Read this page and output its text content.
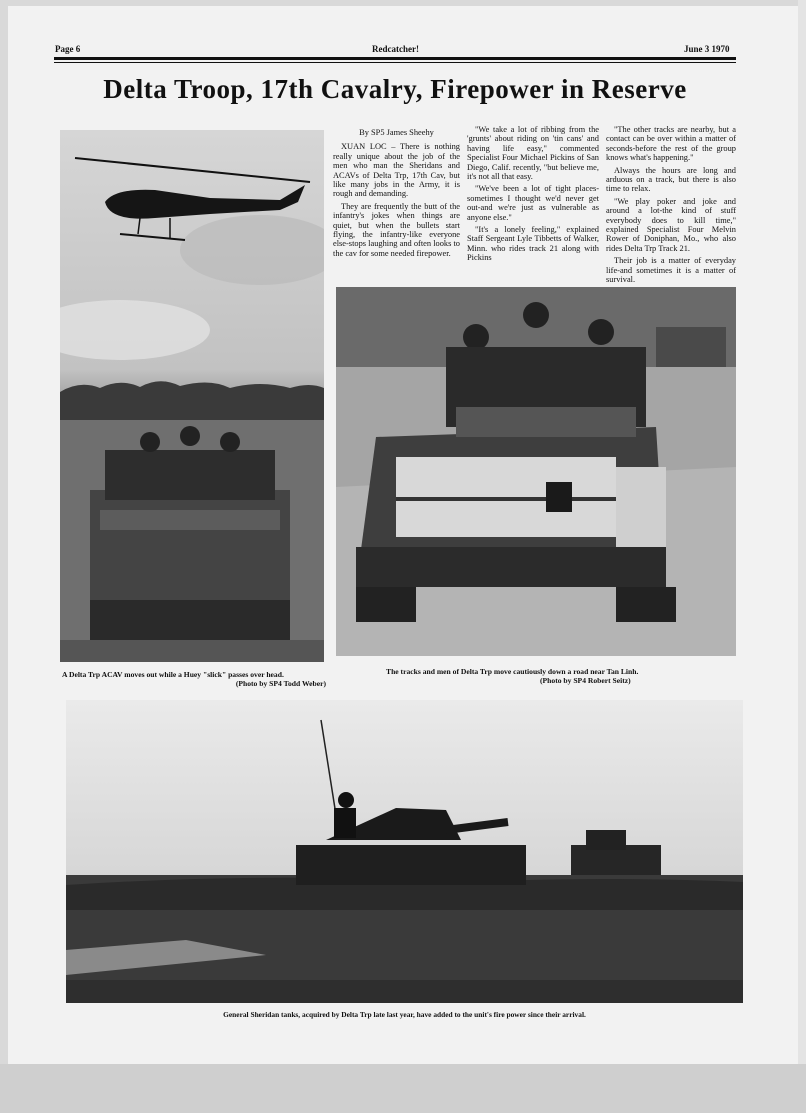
Page 6	Redcatcher!	June 3 1970
Delta Troop, 17th Cavalry, Firepower in Reserve

By SP5 James Sheehy

XUAN LOC – There is nothing really unique about the job of the men who man the Sheridans and ACAVs of Delta Trp, 17th Cav, but like many jobs in the Army, it is rough and demanding.

They are frequently the butt of the infantry's jokes when things are quiet, but when the bullets start flying, the infantry-like everyone else-stops laughing and often looks to the cav for some needed firepower.

"We take a lot of ribbing from the 'grunts' about riding on 'tin cans' and having life easy," commented Specialist Four Michael Pickins of San Diego, Calif. recently, "but believe me, it's not all that easy.

"We've been a lot of tight places-sometimes I thought we'd never get out-and we're just as vulnerable as anyone else."

"It's a lonely feeling," explained Staff Sergeant Lyle Tibbetts of Walker, Minn. who rides track 21 along with Pickins

"The other tracks are nearby, but a contact can be over within a matter of seconds-before the rest of the group knows what's happening."

Always the hours are long and arduous on a track, but there is also time to relax.

"We play poker and joke and around a lot-the kind of stuff everybody does to kill time," explained Specialist Four Melvin Rower of Doniphan, Mo., who also rides Delta Trp Track 21.

Their job is a matter of everyday life-and sometimes it is a matter of survival.

A Delta Trp ACAV moves out while a Huey "slick" passes over head.
(Photo by SP4 Todd Weber)
The tracks and men of Delta Trp move cautiously down a road near Tan Linh.
(Photo by SP4 Robert Seitz)
General Sheridan tanks, acquired by Delta Trp late last year, have added to the unit's fire power since their arrival.
